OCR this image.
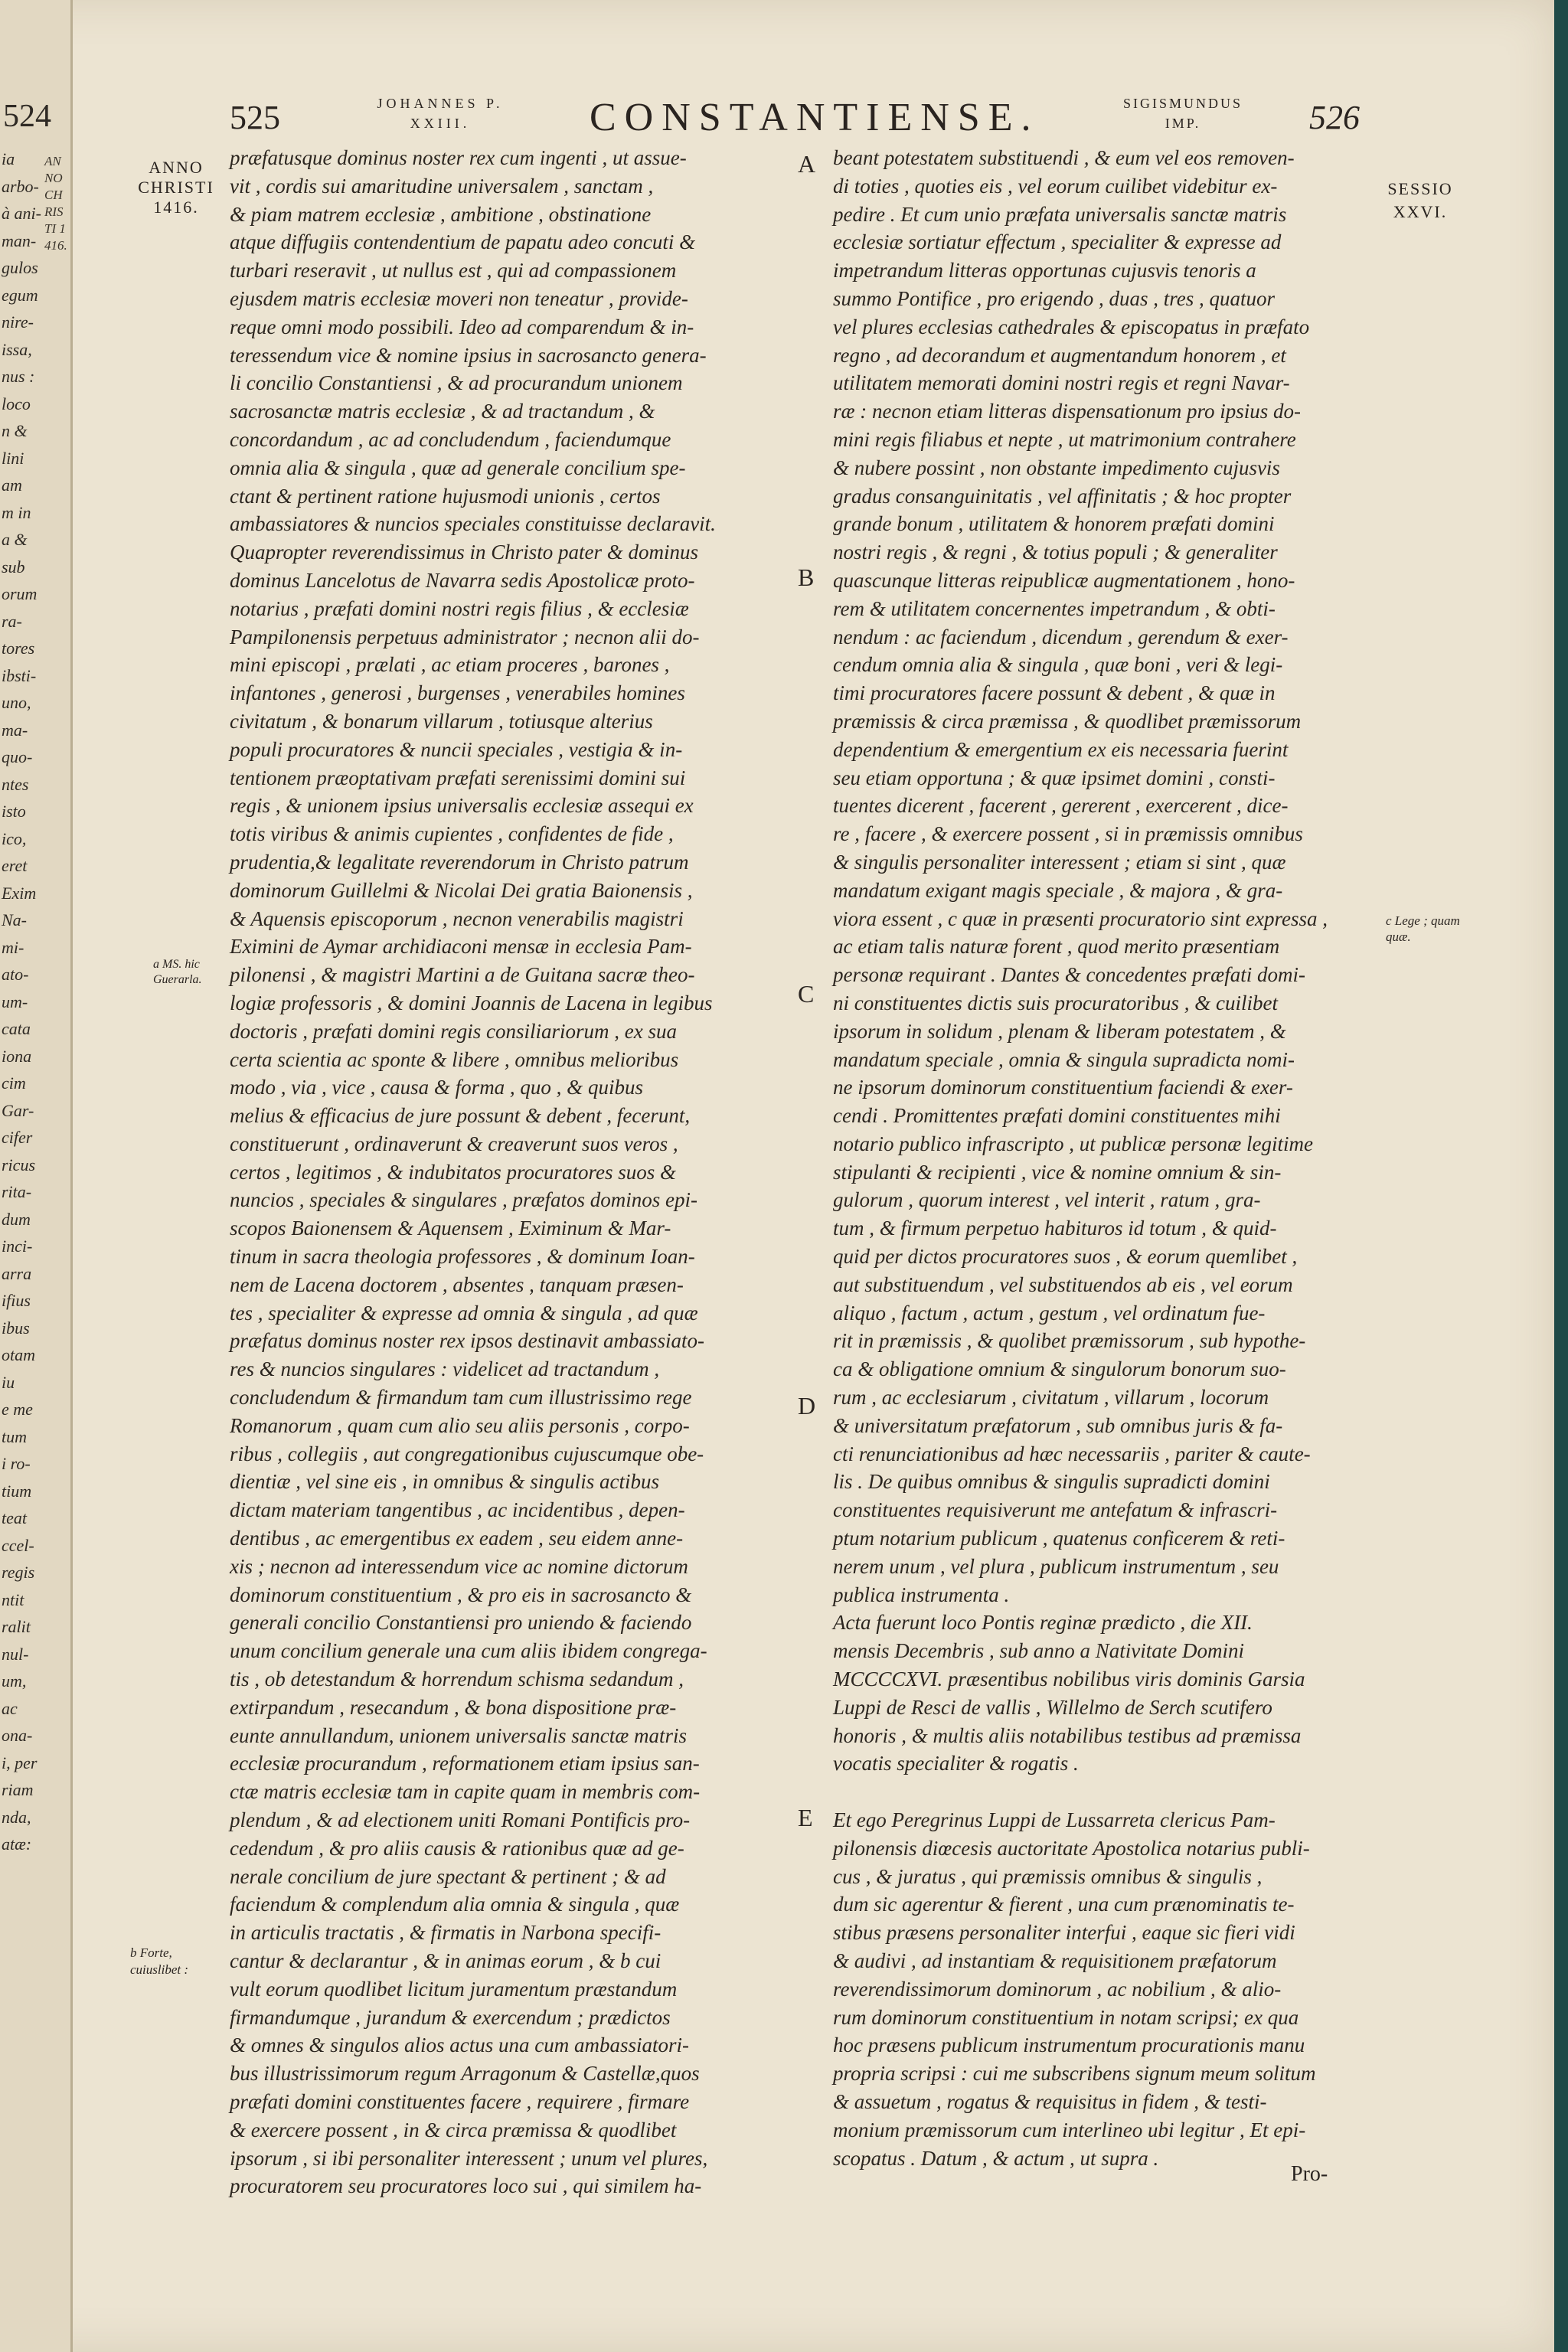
524
ia
arbo-
à ani-
man-
gulos
egum
nire-
issa,
nus :
loco
n &
lini
am
m in
a &
sub
orum
ra-
tores
ibsti-
uno,
ma-
quo-
ntes
isto
ico,
eret
Exim
Na-
mi-
ato-
um-
cata
iona
cim
Gar-
cifer
ricus
rita-
dum
inci-
arra
ifius
ibus
otam
iu
e me
tum
i ro-
tium
teat
ccel-
regis
ntit
ralit
nul-
um,
ac
ona-
i, per
riam
nda,
atæ:
ANNO CHRISTI 1416.
525	JOHANNES P. XXIII.	CONSTANTIENSE.	SIGISMUNDUS IMP.	526
ANNO CHRISTI 1416.
SESSIO XXVI.
a MS. hic Guerarla.
b Forte, cuiuslibet :
c Lege ; quam quæ.
A
B
C
D
E
præfatusque dominus noster rex cum ingenti , ut assue-
vit , cordis sui amaritudine universalem , sanctam ,
& piam matrem ecclesiæ , ambitione , obstinatione
atque diffugiis contendentium de papatu adeo concuti &
turbari reseravit , ut nullus est , qui ad compassionem
ejusdem matris ecclesiæ moveri non teneatur , provide-
reque omni modo possibili. Ideo ad comparendum & in-
teressendum vice & nomine ipsius in sacrosancto genera-
li concilio Constantiensi , & ad procurandum unionem
sacrosanctæ matris ecclesiæ , & ad tractandum , &
concordandum , ac ad concludendum , faciendumque
omnia alia & singula , quæ ad generale concilium spe-
ctant & pertinent ratione hujusmodi unionis , certos
ambassiatores & nuncios speciales constituisse declaravit.
Quapropter reverendissimus in Christo pater & dominus
dominus Lancelotus de Navarra sedis Apostolicæ proto-
notarius , præfati domini nostri regis filius , & ecclesiæ
Pampilonensis perpetuus administrator ; necnon alii do-
mini episcopi , prælati , ac etiam proceres , barones ,
infantones , generosi , burgenses , venerabiles homines
civitatum , & bonarum villarum , totiusque alterius
populi procuratores & nuncii speciales , vestigia & in-
tentionem præoptativam præfati serenissimi domini sui
regis , & unionem ipsius universalis ecclesiæ assequi ex
totis viribus & animis cupientes , confidentes de fide ,
prudentia,& legalitate reverendorum in Christo patrum
dominorum Guillelmi & Nicolai Dei gratia Baionensis ,
& Aquensis episcoporum , necnon venerabilis magistri
Eximini de Aymar archidiaconi mensæ in ecclesia Pam-
pilonensi , & magistri Martini a de Guitana sacræ theo-
logiæ professoris , & domini Joannis de Lacena in legibus
doctoris , præfati domini regis consiliariorum , ex sua
certa scientia ac sponte & libere , omnibus melioribus
modo , via , vice , causa & forma , quo , & quibus
melius & efficacius de jure possunt & debent , fecerunt,
constituerunt , ordinaverunt & creaverunt suos veros ,
certos , legitimos , & indubitatos procuratores suos &
nuncios , speciales & singulares , præfatos dominos epi-
scopos Baionensem & Aquensem , Eximinum & Mar-
tinum in sacra theologia professores , & dominum Ioan-
nem de Lacena doctorem , absentes , tanquam præsen-
tes , specialiter & expresse ad omnia & singula , ad quæ
præfatus dominus noster rex ipsos destinavit ambassiato-
res & nuncios singulares : videlicet ad tractandum ,
concludendum & firmandum tam cum illustrissimo rege
Romanorum , quam cum alio seu aliis personis , corpo-
ribus , collegiis , aut congregationibus cujuscumque obe-
dientiæ , vel sine eis , in omnibus & singulis actibus
dictam materiam tangentibus , ac incidentibus , depen-
dentibus , ac emergentibus ex eadem , seu eidem anne-
xis ; necnon ad interessendum vice ac nomine dictorum
dominorum constituentium , & pro eis in sacrosancto &
generali concilio Constantiensi pro uniendo & faciendo
unum concilium generale una cum aliis ibidem congrega-
tis , ob detestandum & horrendum schisma sedandum ,
extirpandum , resecandum , & bona dispositione præ-
eunte annullandum, unionem universalis sanctæ matris
ecclesiæ procurandum , reformationem etiam ipsius san-
ctæ matris ecclesiæ tam in capite quam in membris com-
plendum , & ad electionem uniti Romani Pontificis pro-
cedendum , & pro aliis causis & rationibus quæ ad ge-
nerale concilium de jure spectant & pertinent ; & ad
faciendum & complendum alia omnia & singula , quæ
in articulis tractatis , & firmatis in Narbona specifi-
cantur & declarantur , & in animas eorum , & b cui
vult eorum quodlibet licitum juramentum præstandum
firmandumque , jurandum & exercendum ; prædictos
& omnes & singulos alios actus una cum ambassiatori-
bus illustrissimorum regum Arragonum & Castellæ,quos
præfati domini constituentes facere , requirere , firmare
& exercere possent , in & circa præmissa & quodlibet
ipsorum , si ibi personaliter interessent ; unum vel plures,
procuratorem seu procuratores loco sui , qui similem ha-
beant potestatem substituendi , & eum vel eos removen-
di toties , quoties eis , vel eorum cuilibet videbitur ex-
pedire . Et cum unio præfata universalis sanctæ matris
ecclesiæ sortiatur effectum , specialiter & expresse ad
impetrandum litteras opportunas cujusvis tenoris a
summo Pontifice , pro erigendo , duas , tres , quatuor
vel plures ecclesias cathedrales & episcopatus in præfato
regno , ad decorandum et augmentandum honorem , et
utilitatem memorati domini nostri regis et regni Navar-
ræ : necnon etiam litteras dispensationum pro ipsius do-
mini regis filiabus et nepte , ut matrimonium contrahere
& nubere possint , non obstante impedimento cujusvis
gradus consanguinitatis , vel affinitatis ; & hoc propter
grande bonum , utilitatem & honorem præfati domini
nostri regis , & regni , & totius populi ; & generaliter
quascunque litteras reipublicæ augmentationem , hono-
rem & utilitatem concernentes impetrandum , & obti-
nendum : ac faciendum , dicendum , gerendum & exer-
cendum omnia alia & singula , quæ boni , veri & legi-
timi procuratores facere possunt & debent , & quæ in
præmissis & circa præmissa , & quodlibet præmissorum
dependentium & emergentium ex eis necessaria fuerint
seu etiam opportuna ; & quæ ipsimet domini , consti-
tuentes dicerent , facerent , gererent , exercerent , dice-
re , facere , & exercere possent , si in præmissis omnibus
& singulis personaliter interessent ; etiam si sint , quæ
mandatum exigant magis speciale , & majora , & gra-
viora essent , c quæ in præsenti procuratorio sint expressa ,
ac etiam talis naturæ forent , quod merito præsentiam
personæ requirant . Dantes & concedentes præfati domi-
ni constituentes dictis suis procuratoribus , & cuilibet
ipsorum in solidum , plenam & liberam potestatem , &
mandatum speciale , omnia & singula supradicta nomi-
ne ipsorum dominorum constituentium faciendi & exer-
cendi . Promittentes præfati domini constituentes mihi
notario publico infrascripto , ut publicæ personæ legitime
stipulanti & recipienti , vice & nomine omnium & sin-
gulorum , quorum interest , vel interit , ratum , gra-
tum , & firmum perpetuo habituros id totum , & quid-
quid per dictos procuratores suos , & eorum quemlibet ,
aut substituendum , vel substituendos ab eis , vel eorum
aliquo , factum , actum , gestum , vel ordinatum fue-
rit in præmissis , & quolibet præmissorum , sub hypothe-
ca & obligatione omnium & singulorum bonorum suo-
rum , ac ecclesiarum , civitatum , villarum , locorum
& universitatum præfatorum , sub omnibus juris & fa-
cti renunciationibus ad hæc necessariis , pariter & caute-
lis . De quibus omnibus & singulis supradicti domini
constituentes requisiverunt me antefatum & infrascri-
ptum notarium publicum , quatenus conficerem & reti-
nerem unum , vel plura , publicum instrumentum , seu
publica instrumenta .
Acta fuerunt loco Pontis reginæ prædicto , die XII.
mensis Decembris , sub anno a Nativitate Domini
MCCCCXVI. præsentibus nobilibus viris dominis Garsia
Luppi de Resci de vallis , Willelmo de Serch scutifero
honoris , & multis aliis notabilibus testibus ad præmissa
vocatis specialiter & rogatis .
Et ego Peregrinus Luppi de Lussarreta clericus Pam-
pilonensis diœcesis auctoritate Apostolica notarius publi-
cus , & juratus , qui præmissis omnibus & singulis ,
dum sic agerentur & fierent , una cum prænominatis te-
stibus præsens personaliter interfui , eaque sic fieri vidi
& audivi , ad instantiam & requisitionem præfatorum
reverendissimorum dominorum , ac nobilium , & alio-
rum dominorum constituentium in notam scripsi; ex qua
hoc præsens publicum instrumentum procurationis manu
propria scripsi : cui me subscribens signum meum solitum
& assuetum , rogatus & requisitus in fidem , & testi-
monium præmissorum cum interlineo ubi legitur , Et epi-
scopatus . Datum , & actum , ut supra .
Pro-
